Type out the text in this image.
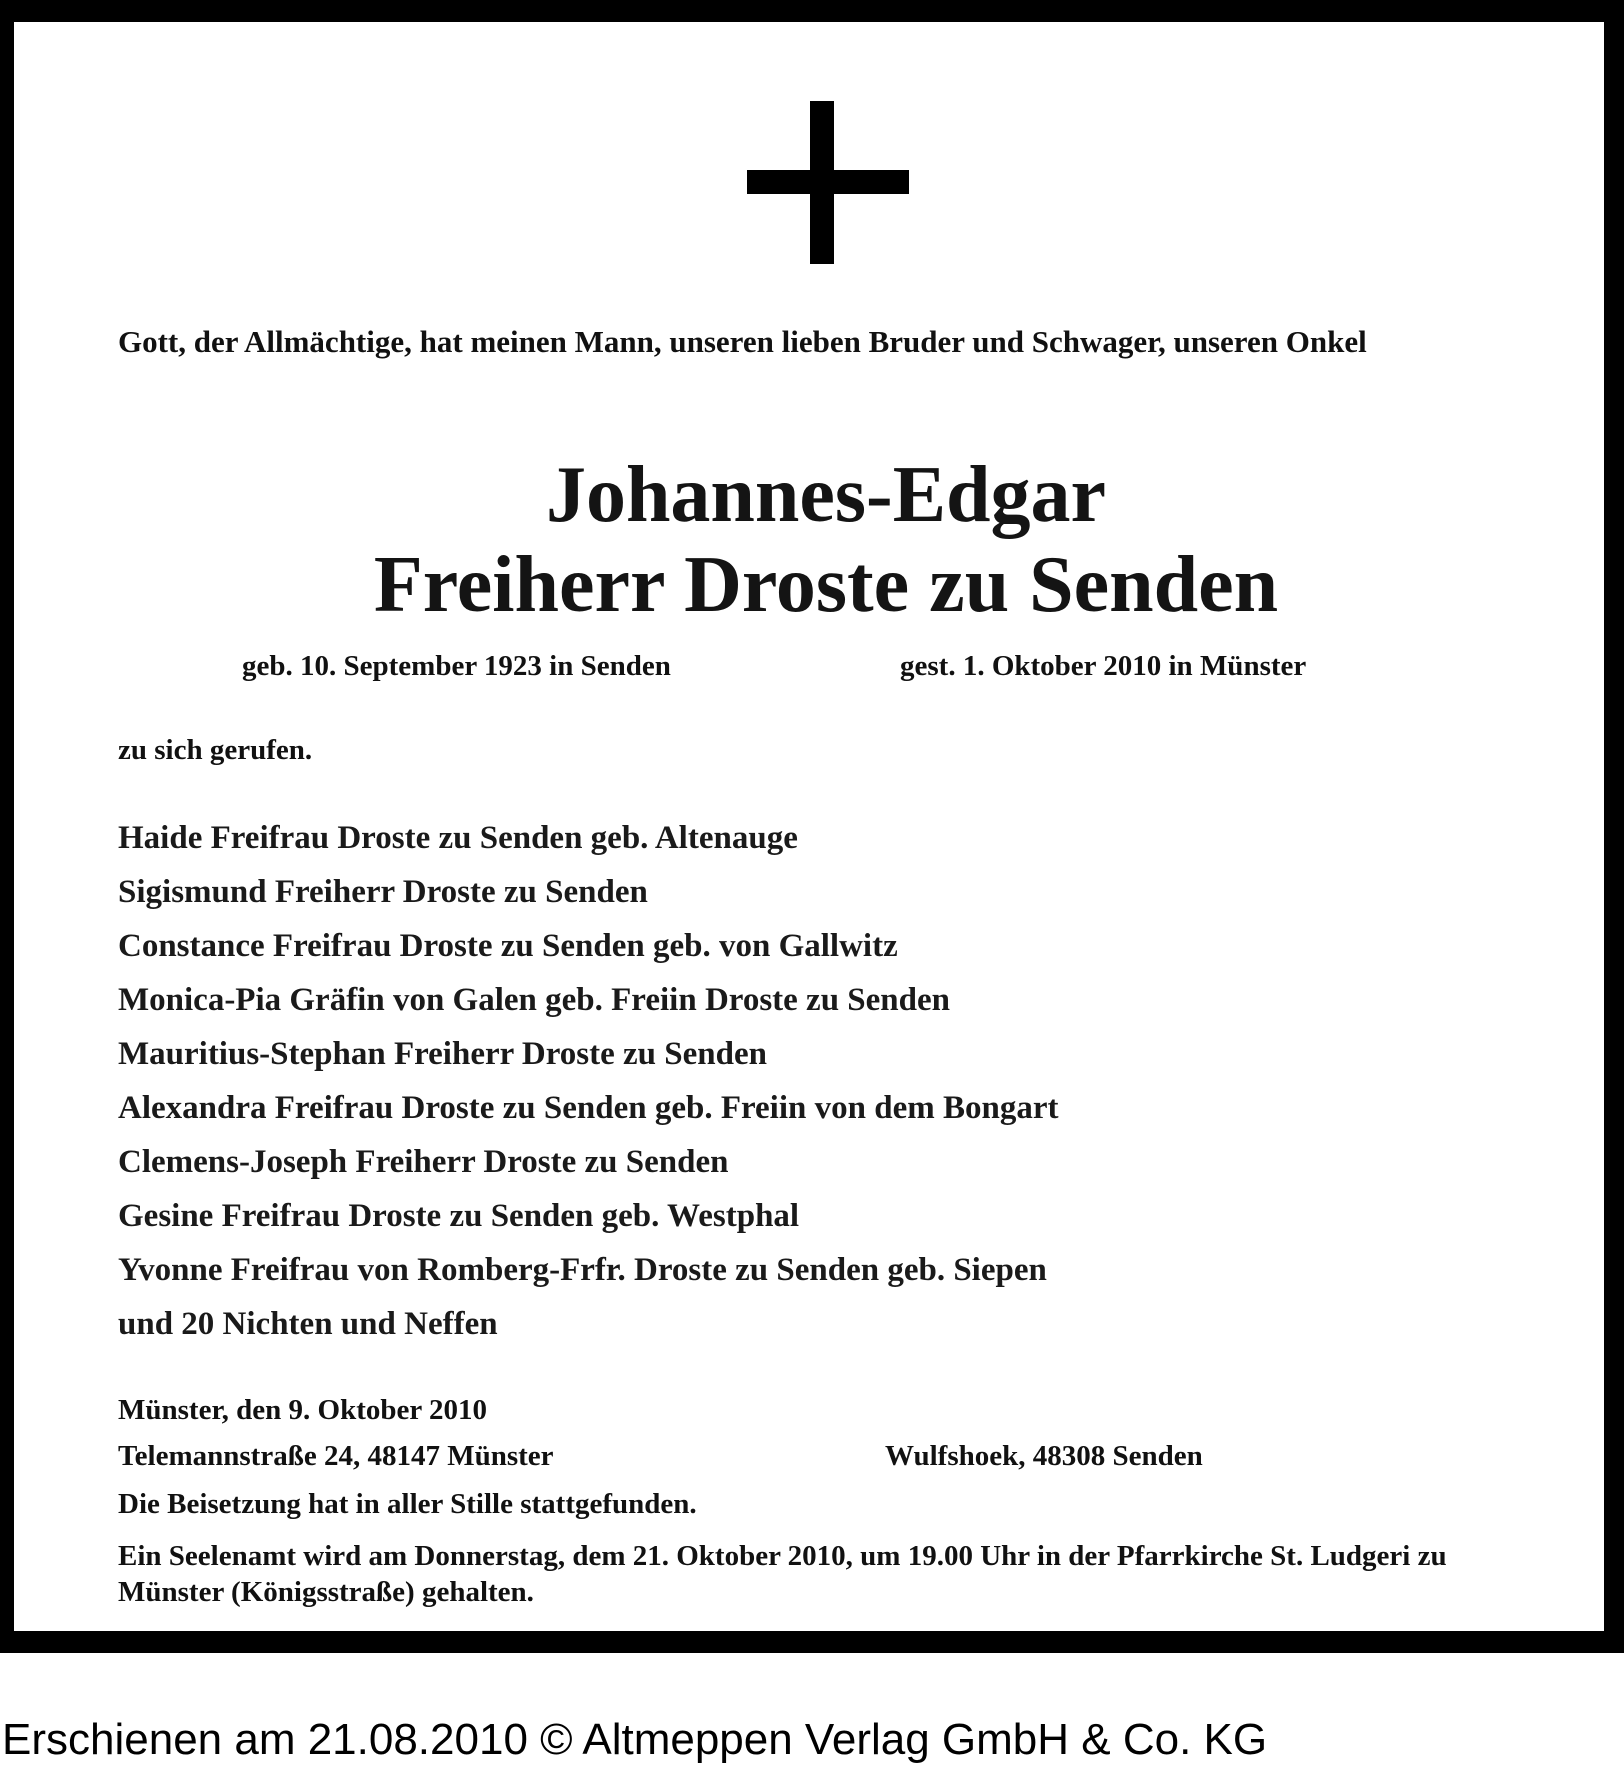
Gott, der Allmächtige, hat meinen Mann, unseren lieben Bruder und Schwager, unseren Onkel
Johannes-Edgar
Freiherr Droste zu Senden
geb. 10. September 1923 in Senden	gest. 1. Oktober 2010 in Münster
zu sich gerufen.
Haide Freifrau Droste zu Senden geb. Altenauge
Sigismund Freiherr Droste zu Senden
Constance Freifrau Droste zu Senden geb. von Gallwitz
Monica-Pia Gräfin von Galen geb. Freiin Droste zu Senden
Mauritius-Stephan Freiherr Droste zu Senden
Alexandra Freifrau Droste zu Senden geb. Freiin von dem Bongart
Clemens-Joseph Freiherr Droste zu Senden
Gesine Freifrau Droste zu Senden geb. Westphal
Yvonne Freifrau von Romberg-Frfr. Droste zu Senden geb. Siepen
und 20 Nichten und Neffen
Münster, den 9. Oktober 2010
Telemannstraße 24, 48147 Münster	Wulfshoek, 48308 Senden
Die Beisetzung hat in aller Stille stattgefunden.
Ein Seelenamt wird am Donnerstag, dem 21. Oktober 2010, um 19.00 Uhr in der Pfarrkirche St. Ludgeri zu Münster (Königsstraße) gehalten.
Erschienen am 21.08.2010 © Altmeppen Verlag GmbH & Co. KG
